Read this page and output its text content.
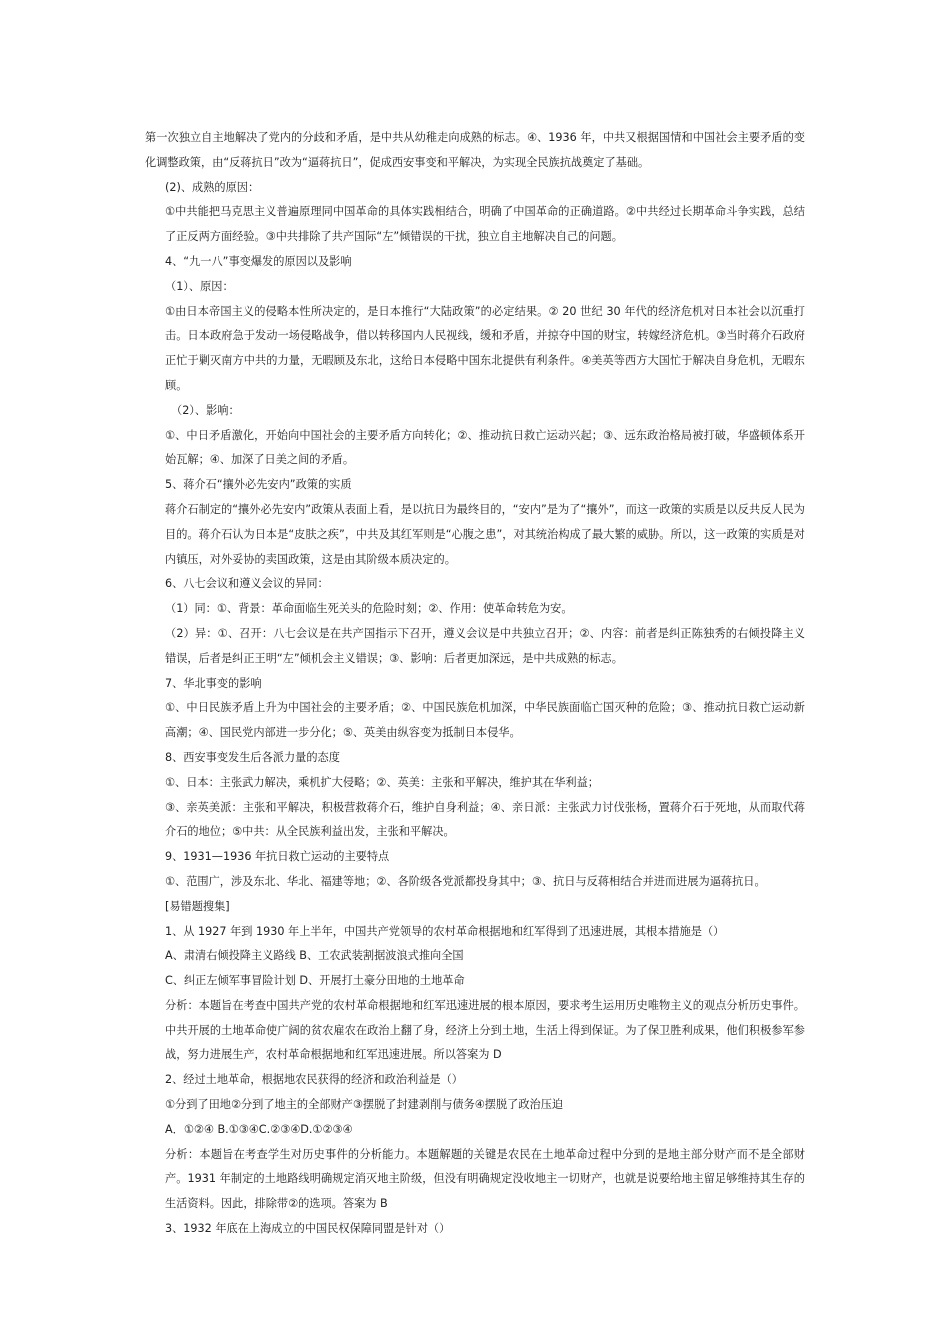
第一次独立自主地解决了党内的分歧和矛盾，是中共从幼稚走向成熟的标志。④、1936 年，中共又根据国情和中国社会主要矛盾的变化调整政策，由“反蒋抗日”改为“逼蒋抗日”，促成西安事变和平解决，为实现全民族抗战奠定了基础。

(2)、成熟的原因：

①中共能把马克思主义普遍原理同中国革命的具体实践相结合，明确了中国革命的正确道路。②中共经过长期革命斗争实践，总结了正反两方面经验。③中共排除了共产国际“左”倾错误的干扰，独立自主地解决自己的问题。

4、“九一八”事变爆发的原因以及影响

（1）、原因：

①由日本帝国主义的侵略本性所决定的，是日本推行“大陆政策”的必定结果。② 20 世纪 30 年代的经济危机对日本社会以沉重打击。日本政府急于发动一场侵略战争，借以转移国内人民视线，缓和矛盾，并掠夺中国的财宝，转嫁经济危机。③当时蒋介石政府正忙于剿灭南方中共的力量，无暇顾及东北，这给日本侵略中国东北提供有利条件。④美英等西方大国忙于解决自身危机，无暇东顾。

（2）、影响：

①、中日矛盾激化，开始向中国社会的主要矛盾方向转化；②、推动抗日救亡运动兴起；③、远东政治格局被打破，华盛顿体系开始瓦解；④、加深了日美之间的矛盾。

5、蒋介石“攘外必先安内”政策的实质

蒋介石制定的“攘外必先安内”政策从表面上看，是以抗日为最终目的，“安内”是为了“攘外”，而这一政策的实质是以反共反人民为目的。蒋介石认为日本是“皮肤之疾”，中共及其红军则是“心腹之患”，对其统治构成了最大繁的威胁。所以，这一政策的实质是对内镇压，对外妥协的卖国政策，这是由其阶级本质决定的。

6、八七会议和遵义会议的异同：

（1）同：①、背景：革命面临生死关头的危险时刻；②、作用：使革命转危为安。

（2）异：①、召开：八七会议是在共产国指示下召开，遵义会议是中共独立召开；②、内容：前者是纠正陈独秀的右倾投降主义错误，后者是纠正王明“左”倾机会主义错误；③、影响：后者更加深远，是中共成熟的标志。

7、华北事变的影响

①、中日民族矛盾上升为中国社会的主要矛盾；②、中国民族危机加深，中华民族面临亡国灭种的危险；③、推动抗日救亡运动新高潮；④、国民党内部进一步分化；⑤、英美由纵容变为抵制日本侵华。

8、西安事变发生后各派力量的态度

①、日本：主张武力解决，乘机扩大侵略；②、英美：主张和平解决，维护其在华利益；

③、亲英美派：主张和平解决，积极营救蒋介石，维护自身利益；④、亲日派：主张武力讨伐张杨，置蒋介石于死地，从而取代蒋介石的地位；⑤中共：从全民族利益出发，主张和平解决。

9、1931—1936 年抗日救亡运动的主要特点

①、范围广，涉及东北、华北、福建等地；②、各阶级各党派都投身其中；③、抗日与反蒋相结合并进而进展为逼蒋抗日。

[易错题搜集]

1、从 1927 年到 1930 年上半年，中国共产党领导的农村革命根据地和红军得到了迅速进展，其根本措施是（）

A、肃清右倾投降主义路线 B、工农武装割据波浪式推向全国

C、纠正左倾军事冒险计划 D、开展打土豪分田地的土地革命

分析：本题旨在考查中国共产党的农村革命根据地和红军迅速进展的根本原因，要求考生运用历史唯物主义的观点分析历史事件。中共开展的土地革命使广阔的贫农雇农在政治上翻了身，经济上分到土地，生活上得到保证。为了保卫胜利成果，他们积极参军参战，努力进展生产，农村革命根据地和红军迅速进展。所以答案为 D

2、经过土地革命，根据地农民获得的经济和政治利益是（）

①分到了田地②分到了地主的全部财产③摆脱了封建剥削与债务④摆脱了政治压迫

A．①②④ B.①③④C.②③④D.①②③④

分析：本题旨在考查学生对历史事件的分析能力。本题解题的关键是农民在土地革命过程中分到的是地主部分财产而不是全部财产。1931 年制定的土地路线明确规定消灭地主阶级，但没有明确规定没收地主一切财产，也就是说要给地主留足够维持其生存的生活资料。因此，排除带②的选项。答案为 B

3、1932 年底在上海成立的中国民权保障同盟是针对（）
